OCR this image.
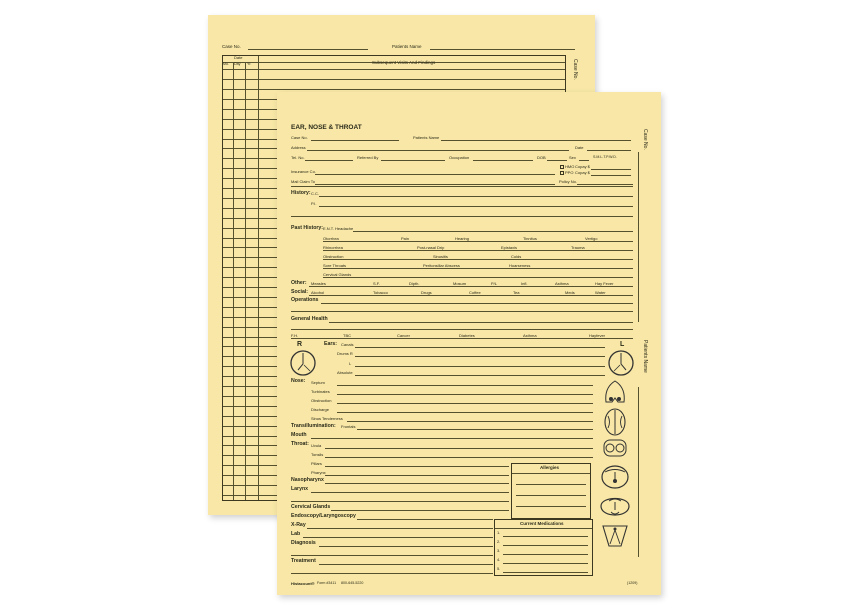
Case No.	Patients Name
Date
Mo. Day Yr.	Subsequent Visits And Findings	Case No.
EAR, NOSE & THROAT
Case No.
Patients Name
Case No.	Patients Name
Address	Date
Tel. No.	Referred By	Occupation	DOB	Sex	S.M.L.T.P.W.D.
Insurance Co.
HMO Copay $
PPO Copay $
Mail Claim To	Policy No.
History: C.C.
P.I.
Past History: E.N.T. Headache
Otorrhea	Pain	Hearing	Tinnitus	Vertigo
Rhinorrhea	Post-nasal Drip	Epistaxis	Trauma
Obstruction	Sinusitis	Colds
Sore Throats	Peritonsillar Abscess	Hoarseness
Cervical Glands
Other: Measles	S.F.	Dipth.	Mosum	P/L	Infl.	Asthma	Hay Fever
Social: Alcohol	Tobacco	Drugs	Coffee	Tea	Meds	Water
Operations
General Health
F.H.	TBC	Cancer	Diabetes	Asthma	Hayfever
R	L
Ears: Canals
Drums R
L
Absolute
Nose: Septum
Turbinates
Obstruction
Discharge
Sinus Tenderness
Transillumination: Frontals
Mouth
Throat: Uvula
Tonsils
Pillars
Pharynx
Allergies
Nasopharynx
Larynx
Cervical Glands
Endoscopy/Laryngoscopy
X-Ray
Lab
Diagnosis
Treatment
Current Medications
1.
2.
3.
4.
5.
Histacount® Form #3411 800-645-5220	(1209)
